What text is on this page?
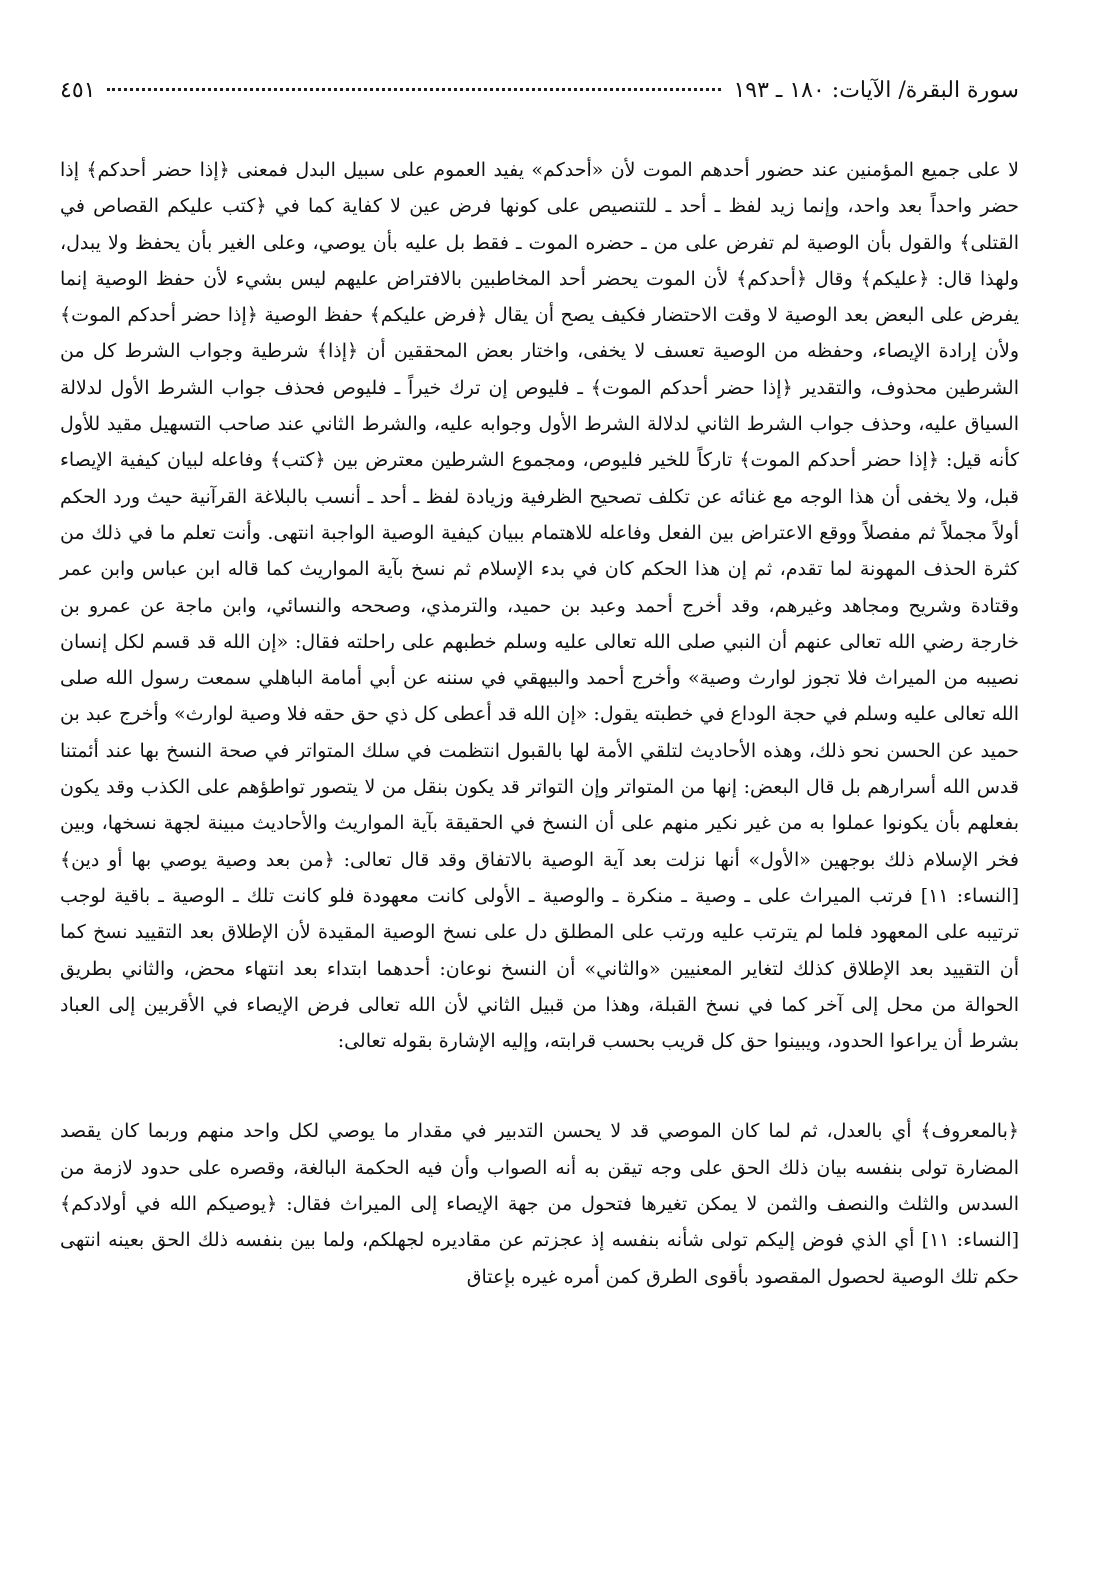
سورة البقرة/ الآيات: ١٨٠ ـ ١٩٣
٤٥١

لا على جميع المؤمنين عند حضور أحدهم الموت لأن «أحدكم» يفيد العموم على سبيل البدل فمعنى ﴿إذا حضر أحدكم﴾ إذا حضر واحداً بعد واحد، وإنما زيد لفظ ـ أحد ـ للتنصيص على كونها فرض عين لا كفاية كما في ﴿كتب عليكم القصاص في القتلى﴾ والقول بأن الوصية لم تفرض على من ـ حضره الموت ـ فقط بل عليه بأن يوصي، وعلى الغير بأن يحفظ ولا يبدل، ولهذا قال: ﴿عليكم﴾ وقال ﴿أحدكم﴾ لأن الموت يحضر أحد المخاطبين بالافتراض عليهم ليس بشيء لأن حفظ الوصية إنما يفرض على البعض بعد الوصية لا وقت الاحتضار فكيف يصح أن يقال ﴿فرض عليكم﴾ حفظ الوصية ﴿إذا حضر أحدكم الموت﴾ ولأن إرادة الإيصاء، وحفظه من الوصية تعسف لا يخفى، واختار بعض المحققين أن ﴿إذا﴾ شرطية وجواب الشرط كل من الشرطين محذوف، والتقدير ﴿إذا حضر أحدكم الموت﴾ ـ فليوص إن ترك خيراً ـ فليوص فحذف جواب الشرط الأول لدلالة السياق عليه، وحذف جواب الشرط الثاني لدلالة الشرط الأول وجوابه عليه، والشرط الثاني عند صاحب التسهيل مقيد للأول كأنه قيل: ﴿إذا حضر أحدكم الموت﴾ تاركاً للخير فليوص، ومجموع الشرطين معترض بين ﴿كتب﴾ وفاعله لبيان كيفية الإيصاء قبل، ولا يخفى أن هذا الوجه مع غنائه عن تكلف تصحيح الظرفية وزيادة لفظ ـ أحد ـ أنسب بالبلاغة القرآنية حيث ورد الحكم أولاً مجملاً ثم مفصلاً ووقع الاعتراض بين الفعل وفاعله للاهتمام ببيان كيفية الوصية الواجبة انتهى. وأنت تعلم ما في ذلك من كثرة الحذف المهونة لما تقدم، ثم إن هذا الحكم كان في بدء الإسلام ثم نسخ بآية المواريث كما قاله ابن عباس وابن عمر وقتادة وشريح ومجاهد وغيرهم، وقد أخرج أحمد وعبد بن حميد، والترمذي، وصححه والنسائي، وابن ماجة عن عمرو بن خارجة رضي الله تعالى عنهم أن النبي صلى الله تعالى عليه وسلم خطبهم على راحلته فقال: «إن الله قد قسم لكل إنسان نصيبه من الميراث فلا تجوز لوارث وصية» وأخرج أحمد والبيهقي في سننه عن أبي أمامة الباهلي سمعت رسول الله صلى الله تعالى عليه وسلم في حجة الوداع في خطبته يقول: «إن الله قد أعطى كل ذي حق حقه فلا وصية لوارث» وأخرج عبد بن حميد عن الحسن نحو ذلك، وهذه الأحاديث لتلقي الأمة لها بالقبول انتظمت في سلك المتواتر في صحة النسخ بها عند أئمتنا قدس الله أسرارهم بل قال البعض: إنها من المتواتر وإن التواتر قد يكون بنقل من لا يتصور تواطؤهم على الكذب وقد يكون بفعلهم بأن يكونوا عملوا به من غير نكير منهم على أن النسخ في الحقيقة بآية المواريث والأحاديث مبينة لجهة نسخها، وبين فخر الإسلام ذلك بوجهين «الأول» أنها نزلت بعد آية الوصية بالاتفاق وقد قال تعالى: ﴿من بعد وصية يوصي بها أو دين﴾ [النساء: ١١] فرتب الميراث على ـ وصية ـ منكرة ـ والوصية ـ الأولى كانت معهودة فلو كانت تلك ـ الوصية ـ باقية لوجب ترتيبه على المعهود فلما لم يترتب عليه ورتب على المطلق دل على نسخ الوصية المقيدة لأن الإطلاق بعد التقييد نسخ كما أن التقييد بعد الإطلاق كذلك لتغاير المعنيين «والثاني» أن النسخ نوعان: أحدهما ابتداء بعد انتهاء محض، والثاني بطريق الحوالة من محل إلى آخر كما في نسخ القبلة، وهذا من قبيل الثاني لأن الله تعالى فرض الإيصاء في الأقربين إلى العباد بشرط أن يراعوا الحدود، ويبينوا حق كل قريب بحسب قرابته، وإليه الإشارة بقوله تعالى:

﴿بالمعروف﴾ أي بالعدل، ثم لما كان الموصي قد لا يحسن التدبير في مقدار ما يوصي لكل واحد منهم وربما كان يقصد المضارة تولى بنفسه بيان ذلك الحق على وجه تيقن به أنه الصواب وأن فيه الحكمة البالغة، وقصره على حدود لازمة من السدس والثلث والنصف والثمن لا يمكن تغيرها فتحول من جهة الإيصاء إلى الميراث فقال: ﴿يوصيكم الله في أولادكم﴾ [النساء: ١١] أي الذي فوض إليكم تولى شأنه بنفسه إذ عجزتم عن مقاديره لجهلكم، ولما بين بنفسه ذلك الحق بعينه انتهى حكم تلك الوصية لحصول المقصود بأقوى الطرق كمن أمره غيره بإعتاق
